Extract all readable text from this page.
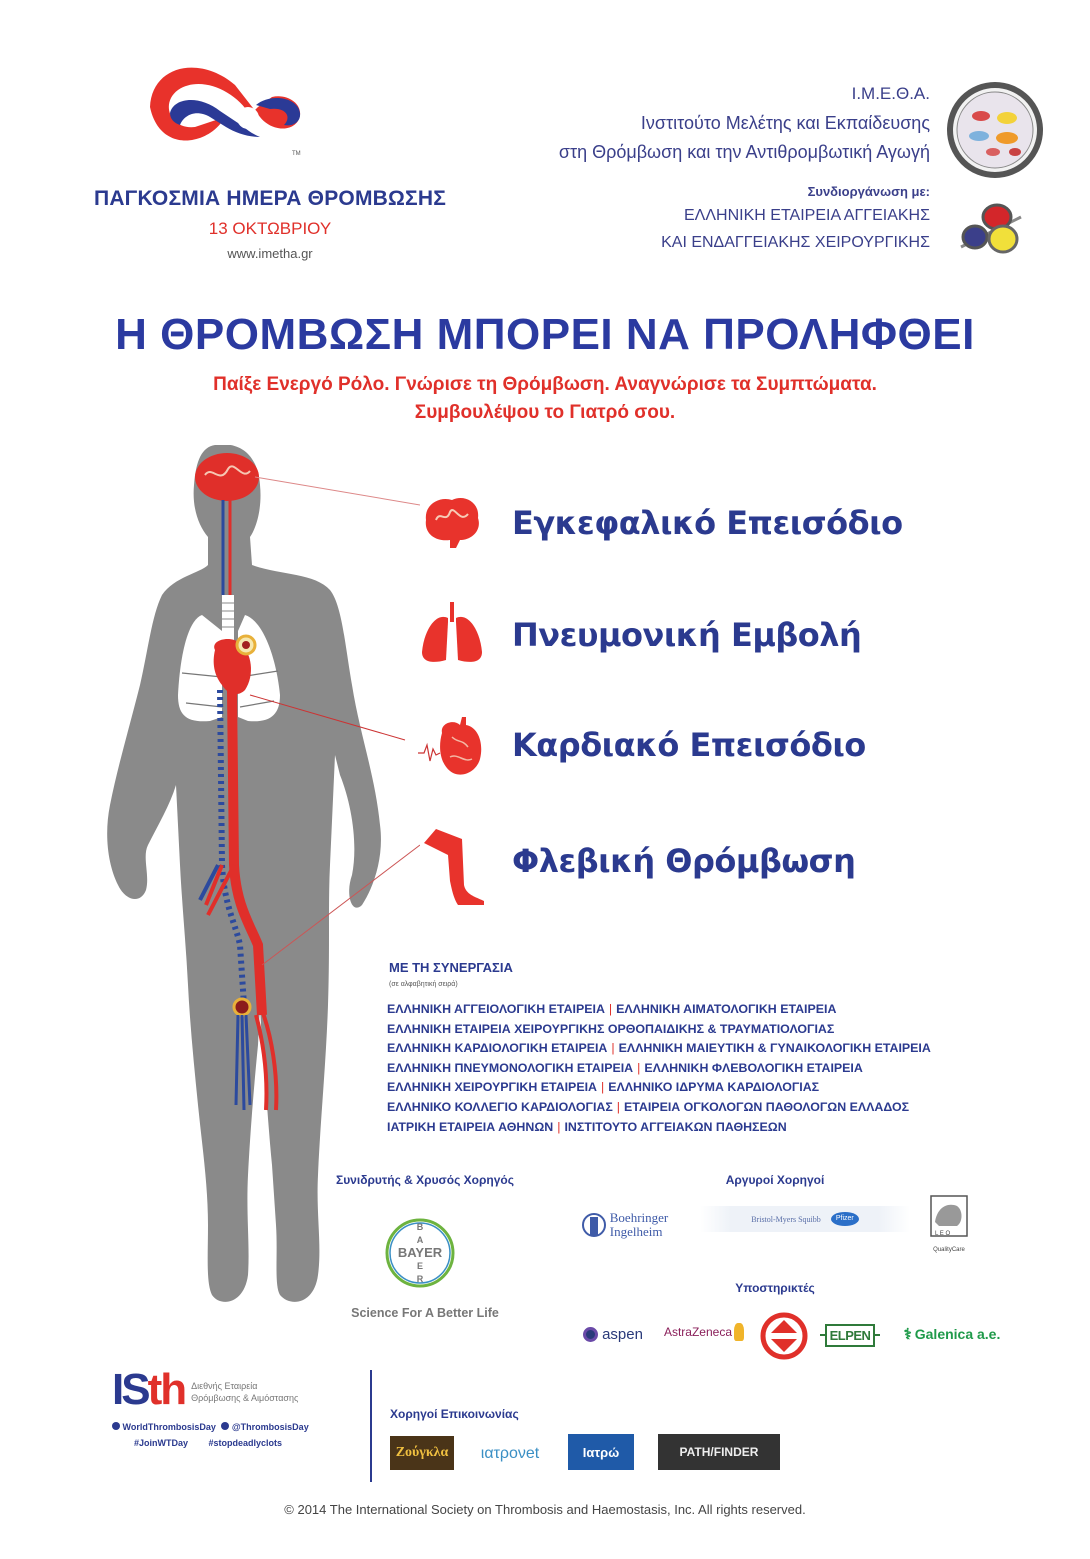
TM
ΠΑΓΚΟΣΜΙΑ ΗΜΕΡΑ ΘΡΟΜΒΩΣΗΣ
13 ΟΚΤΩΒΡΙΟΥ
www.imetha.gr
Ι.Μ.Ε.Θ.Α.
Ινστιτούτο Μελέτης και Εκπαίδευσης
στη Θρόμβωση και την Αντιθρομβωτική Αγωγή
Συνδιοργάνωση με:
ΕΛΛΗΝΙΚΗ ΕΤΑΙΡΕΙΑ ΑΓΓΕΙΑΚΗΣ
ΚΑΙ ΕΝΔΑΓΓΕΙΑΚΗΣ ΧΕΙΡΟΥΡΓΙΚΗΣ
Η ΘΡΟΜΒΩΣΗ ΜΠΟΡΕΙ ΝΑ ΠΡΟΛΗΦΘΕΙ
Παίξε Ενεργό Ρόλο. Γνώρισε τη Θρόμβωση. Αναγνώρισε τα Συμπτώματα.
Συμβουλέψου το Γιατρό σου.
Εγκεφαλικό Επεισόδιο
Πνευμονική Εμβολή
Καρδιακό Επεισόδιο
Φλεβική Θρόμβωση
ΜΕ ΤΗ ΣΥΝΕΡΓΑΣΙΑ
(σε αλφαβητική σειρά)
ΕΛΛΗΝΙΚΗ ΑΓΓΕΙΟΛΟΓΙΚΗ ΕΤΑΙΡΕΙΑ | ΕΛΛΗΝΙΚΗ ΑΙΜΑΤΟΛΟΓΙΚΗ ΕΤΑΙΡΕΙΑ
ΕΛΛΗΝΙΚΗ ΕΤΑΙΡΕΙΑ ΧΕΙΡΟΥΡΓΙΚΗΣ ΟΡΘΟΠΑΙΔΙΚΗΣ & ΤΡΑΥΜΑΤΙΟΛΟΓΙΑΣ
ΕΛΛΗΝΙΚΗ ΚΑΡΔΙΟΛΟΓΙΚΗ ΕΤΑΙΡΕΙΑ | ΕΛΛΗΝΙΚΗ ΜΑΙΕΥΤΙΚΗ & ΓΥΝΑΙΚΟΛΟΓΙΚΗ ΕΤΑΙΡΕΙΑ
ΕΛΛΗΝΙΚΗ ΠΝΕΥΜΟΝΟΛΟΓΙΚΗ ΕΤΑΙΡΕΙΑ | ΕΛΛΗΝΙΚΗ ΦΛΕΒΟΛΟΓΙΚΗ ΕΤΑΙΡΕΙΑ
ΕΛΛΗΝΙΚΗ ΧΕΙΡΟΥΡΓΙΚΗ ΕΤΑΙΡΕΙΑ | ΕΛΛΗΝΙΚΟ ΙΔΡΥΜΑ ΚΑΡΔΙΟΛΟΓΙΑΣ
ΕΛΛΗΝΙΚΟ ΚΟΛΛΕΓΙΟ ΚΑΡΔΙΟΛΟΓΙΑΣ | ΕΤΑΙΡΕΙΑ ΟΓΚΟΛΟΓΩΝ ΠΑΘΟΛΟΓΩΝ ΕΛΛΑΔΟΣ
ΙΑΤΡΙΚΗ ΕΤΑΙΡΕΙΑ ΑΘΗΝΩΝ | ΙΝΣΤΙΤΟΥΤΟ ΑΓΓΕΙΑΚΩΝ ΠΑΘΗΣΕΩΝ
Συνιδρυτής & Χρυσός Χορηγός
BAYER
B
A
E
R
Science For A Better Life
Αργυροί Χορηγοί
Boehringer
Ingelheim
Bristol-Myers Squibb	Pfizer
L E O
QualityCare
Υποστηρικτές
aspen AstraZeneca	ELPEN	⚕ Galenica a.e.
IS th Διεθνής Εταιρεία
Θρόμβωσης & Αιμόστασης
WorldThrombosisDay @ThrombosisDay
#JoinWTDay #stopdeadlyclots
Χορηγοί Επικοινωνίας
Ζούγκλα ιατρονet	Ιατρώ	PATH/FINDER
© 2014 The International Society on Thrombosis and Haemostasis, Inc. All rights reserved.
